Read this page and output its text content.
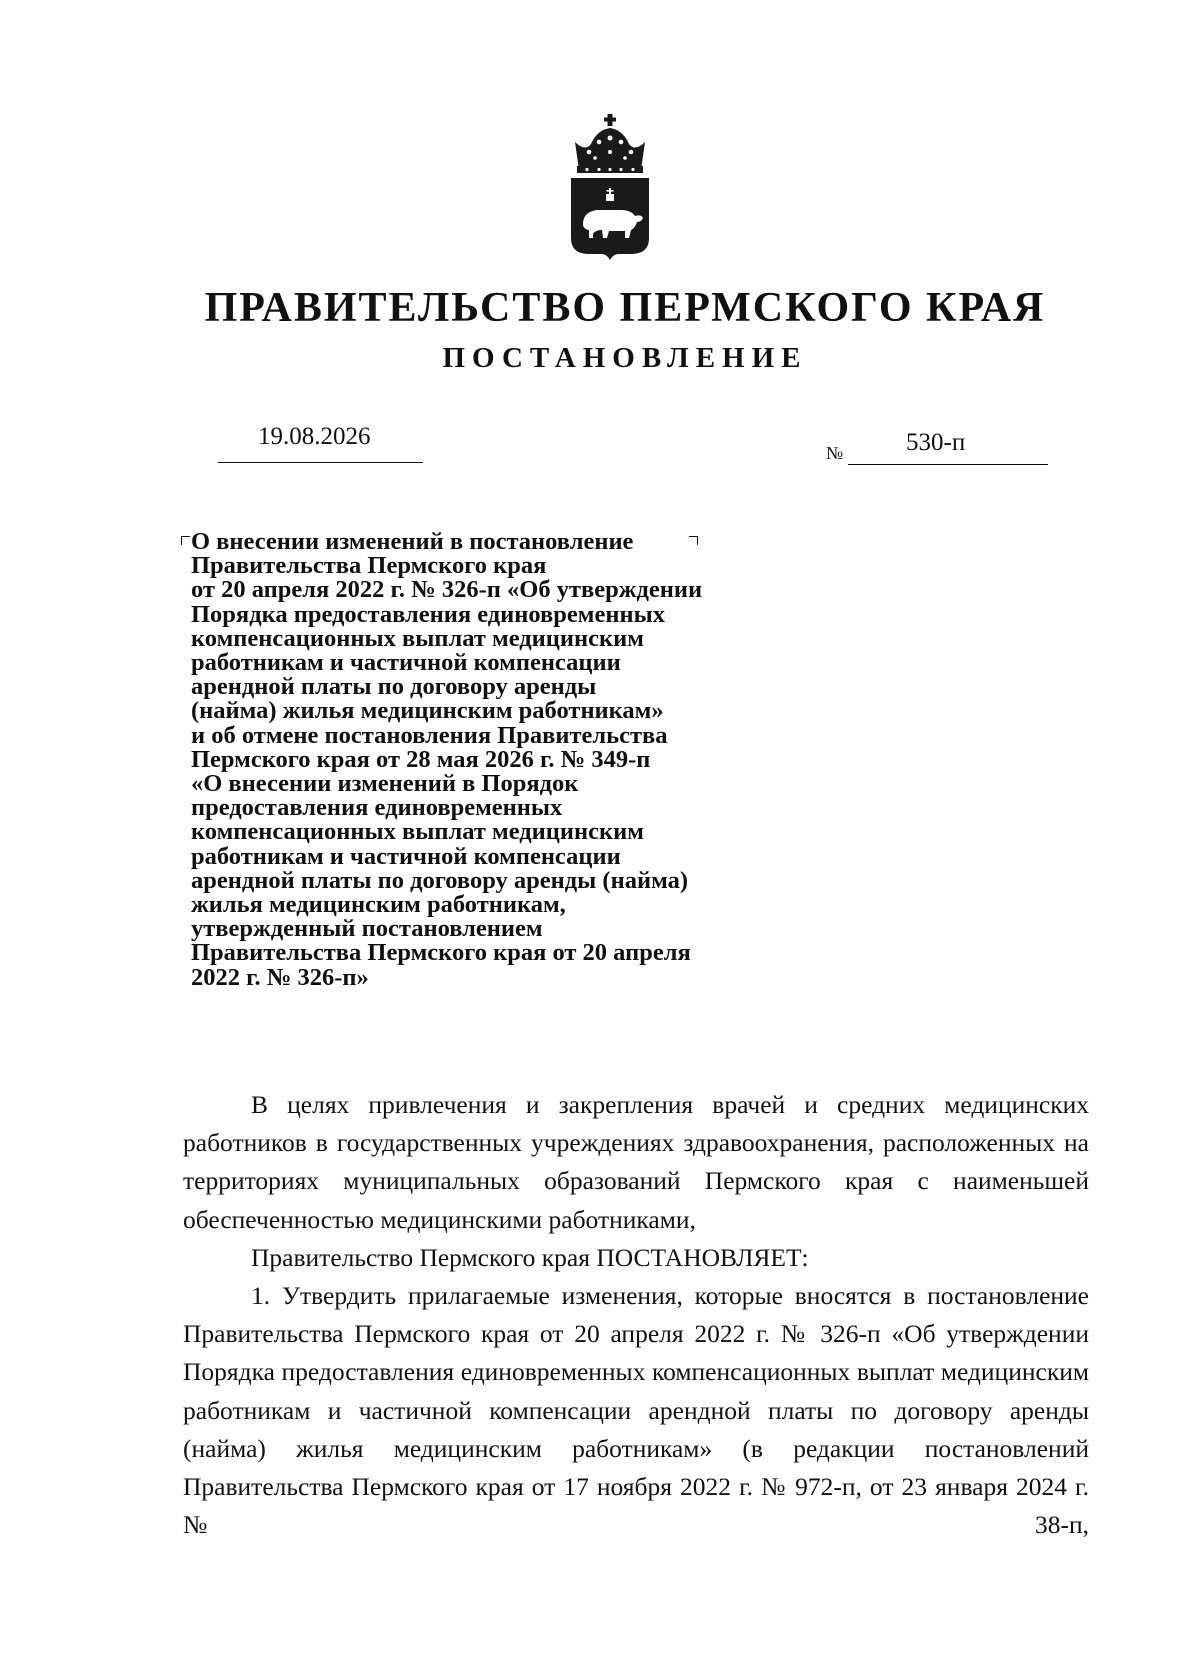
ПРАВИТЕЛЬСТВО ПЕРМСКОГО КРАЯ
ПОСТАНОВЛЕНИЕ
19.08.2026
№	530-п
О внесении изменений в постановление
Правительства Пермского края
от 20 апреля 2022 г. № 326-п «Об утверждении
Порядка предоставления единовременных
компенсационных выплат медицинским
работникам и частичной компенсации
арендной платы по договору аренды
(найма) жилья медицинским работникам»
и об отмене постановления Правительства
Пермского края от 28 мая 2026 г. № 349-п
«О внесении изменений в Порядок
предоставления единовременных
компенсационных выплат медицинским
работникам и частичной компенсации
арендной платы по договору аренды (найма)
жилья медицинским работникам,
утвержденный постановлением
Правительства Пермского края от 20 апреля
2022 г. № 326-п»

В целях привлечения и закрепления врачей и средних медицинских работников в государственных учреждениях здравоохранения, расположенных на территориях муниципальных образований Пермского края с наименьшей обеспеченностью медицинскими работниками,

Правительство Пермского края ПОСТАНОВЛЯЕТ:

1. Утвердить прилагаемые изменения, которые вносятся в постановление Правительства Пермского края от 20 апреля 2022 г. № 326-п «Об утверждении Порядка предоставления единовременных компенсационных выплат медицинским работникам и частичной компенсации арендной платы по договору аренды (найма) жилья медицинским работникам» (в редакции постановлений Правительства Пермского края от 17 ноября 2022 г. № 972-п, от 23 января 2024 г. № 38-п,
